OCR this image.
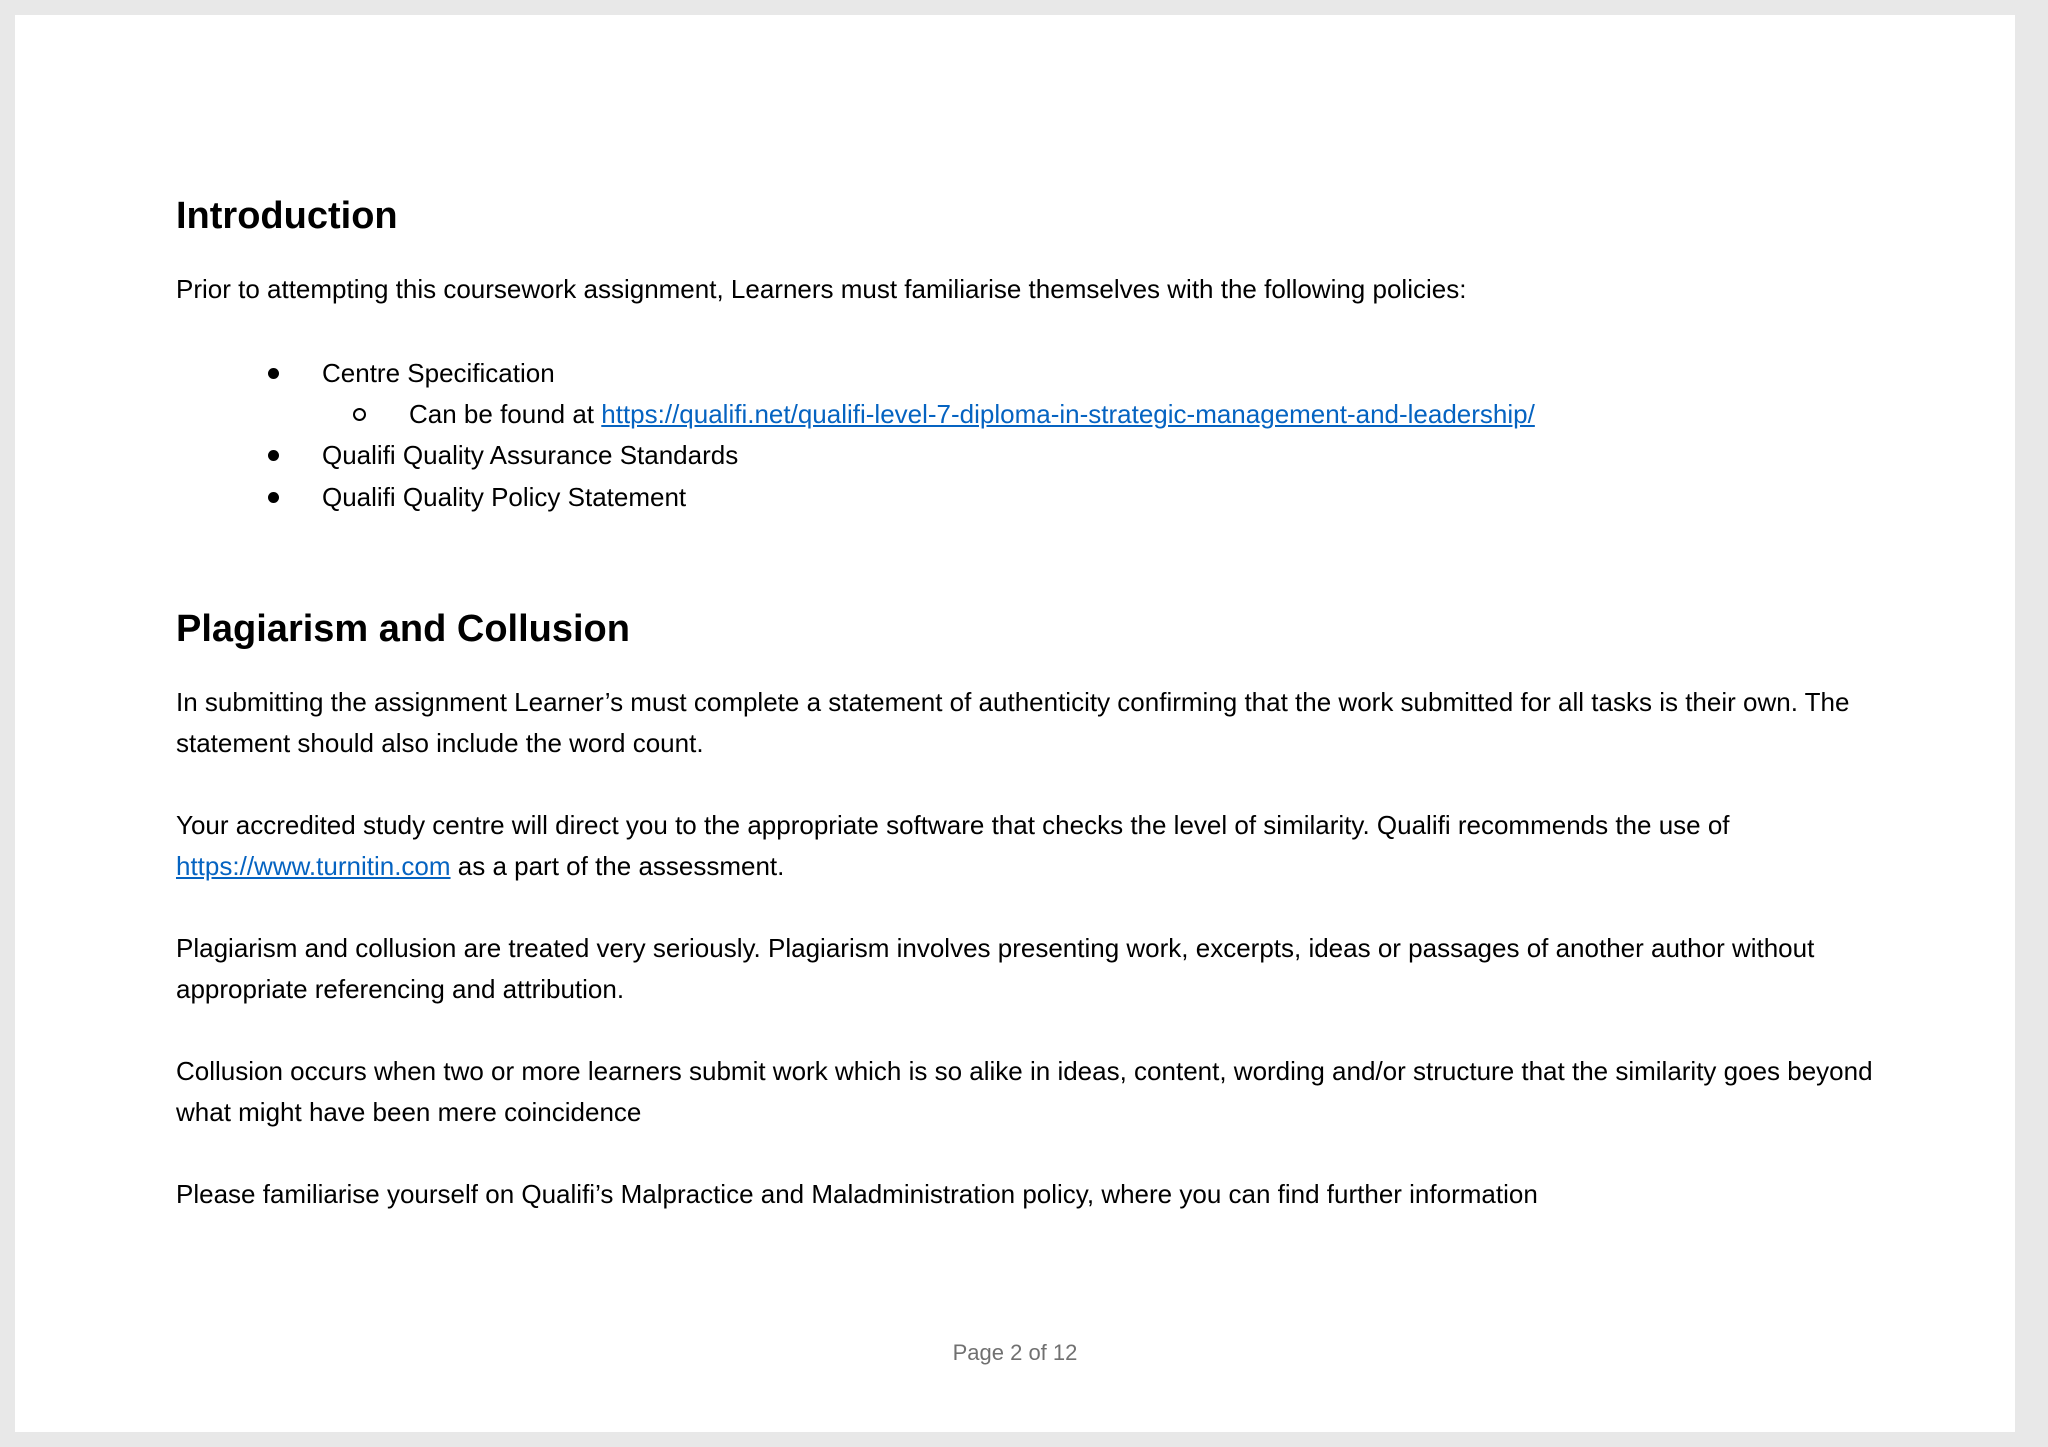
Introduction

Prior to attempting this coursework assignment, Learners must familiarise themselves with the following policies:

Centre Specification
Can be found at https://qualifi.net/qualifi-level-7-diploma-in-strategic-management-and-leadership/
Qualifi Quality Assurance Standards
Qualifi Quality Policy Statement
Plagiarism and Collusion

In submitting the assignment Learner’s must complete a statement of authenticity confirming that the work submitted for all tasks is their own. The statement should also include the word count.

Your accredited study centre will direct you to the appropriate software that checks the level of similarity. Qualifi recommends the use of https://www.turnitin.com as a part of the assessment.

Plagiarism and collusion are treated very seriously. Plagiarism involves presenting work, excerpts, ideas or passages of another author without appropriate referencing and attribution.

Collusion occurs when two or more learners submit work which is so alike in ideas, content, wording and/or structure that the similarity goes beyond what might have been mere coincidence

Please familiarise yourself on Qualifi’s Malpractice and Maladministration policy, where you can find further information

Page 2 of 12
